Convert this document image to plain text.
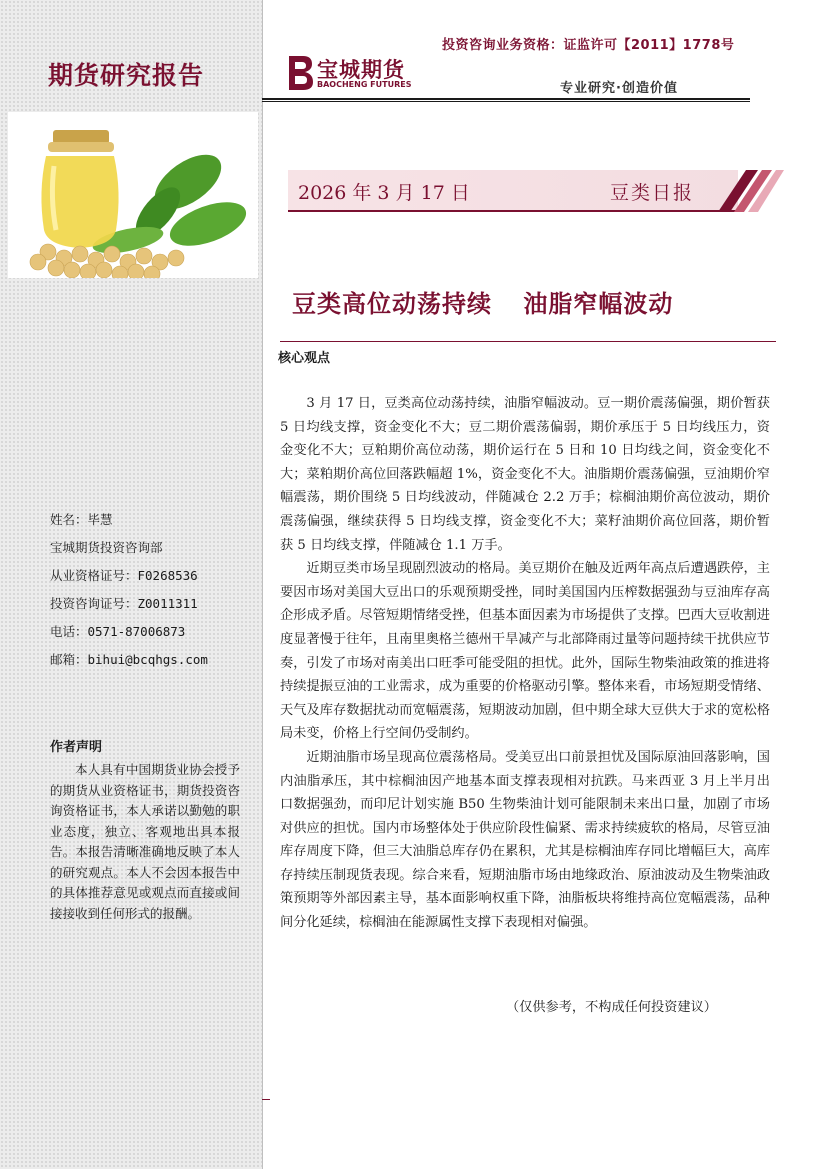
期货研究报告
姓名：毕慧
宝城期货投资咨询部
从业资格证号：F0268536
投资咨询证号：Z0011311
电话：0571-87006873
邮箱：bihui@bcqhgs.com
作者声明
本人具有中国期货业协会授予的期货从业资格证书，期货投资咨询资格证书，本人承诺以勤勉的职业态度，独立、客观地出具本报告。本报告清晰准确地反映了本人的研究观点。本人不会因本报告中的具体推荐意见或观点而直接或间接接收到任何形式的报酬。
投资咨询业务资格：证监许可【2011】1778号
宝城期货
BAOCHENG FUTURES	专业研究·创造价值
2026 年 3 月 17 日	豆类日报
豆类高位动荡持续 油脂窄幅波动
核心观点

3 月 17 日，豆类高位动荡持续，油脂窄幅波动。豆一期价震荡偏强，期价暂获 5 日均线支撑，资金变化不大；豆二期价震荡偏弱，期价承压于 5 日均线压力，资金变化不大；豆粕期价高位动荡，期价运行在 5 日和 10 日均线之间，资金变化不大；菜粕期价高位回落跌幅超 1%，资金变化不大。油脂期价震荡偏强，豆油期价窄幅震荡，期价围绕 5 日均线波动，伴随减仓 2.2 万手；棕榈油期价高位波动，期价震荡偏强，继续获得 5 日均线支撑，资金变化不大；菜籽油期价高位回落，期价暂获 5 日均线支撑，伴随减仓 1.1 万手。

近期豆类市场呈现剧烈波动的格局。美豆期价在触及近两年高点后遭遇跌停，主要因市场对美国大豆出口的乐观预期受挫，同时美国国内压榨数据强劲与豆油库存高企形成矛盾。尽管短期情绪受挫，但基本面因素为市场提供了支撑。巴西大豆收割进度显著慢于往年，且南里奥格兰德州干旱减产与北部降雨过量等问题持续干扰供应节奏，引发了市场对南美出口旺季可能受阻的担忧。此外，国际生物柴油政策的推进将持续提振豆油的工业需求，成为重要的价格驱动引擎。整体来看，市场短期受情绪、天气及库存数据扰动而宽幅震荡，短期波动加剧，但中期全球大豆供大于求的宽松格局未变，价格上行空间仍受制约。

近期油脂市场呈现高位震荡格局。受美豆出口前景担忧及国际原油回落影响，国内油脂承压，其中棕榈油因产地基本面支撑表现相对抗跌。马来西亚 3 月上半月出口数据强劲，而印尼计划实施 B50 生物柴油计划可能限制未来出口量，加剧了市场对供应的担忧。国内市场整体处于供应阶段性偏紧、需求持续疲软的格局，尽管豆油库存周度下降，但三大油脂总库存仍在累积，尤其是棕榈油库存同比增幅巨大，高库存持续压制现货表现。综合来看，短期油脂市场由地缘政治、原油波动及生物柴油政策预期等外部因素主导，基本面影响权重下降，油脂板块将维持高位宽幅震荡，品种间分化延续，棕榈油在能源属性支撑下表现相对偏强。

（仅供参考，不构成任何投资建议）
